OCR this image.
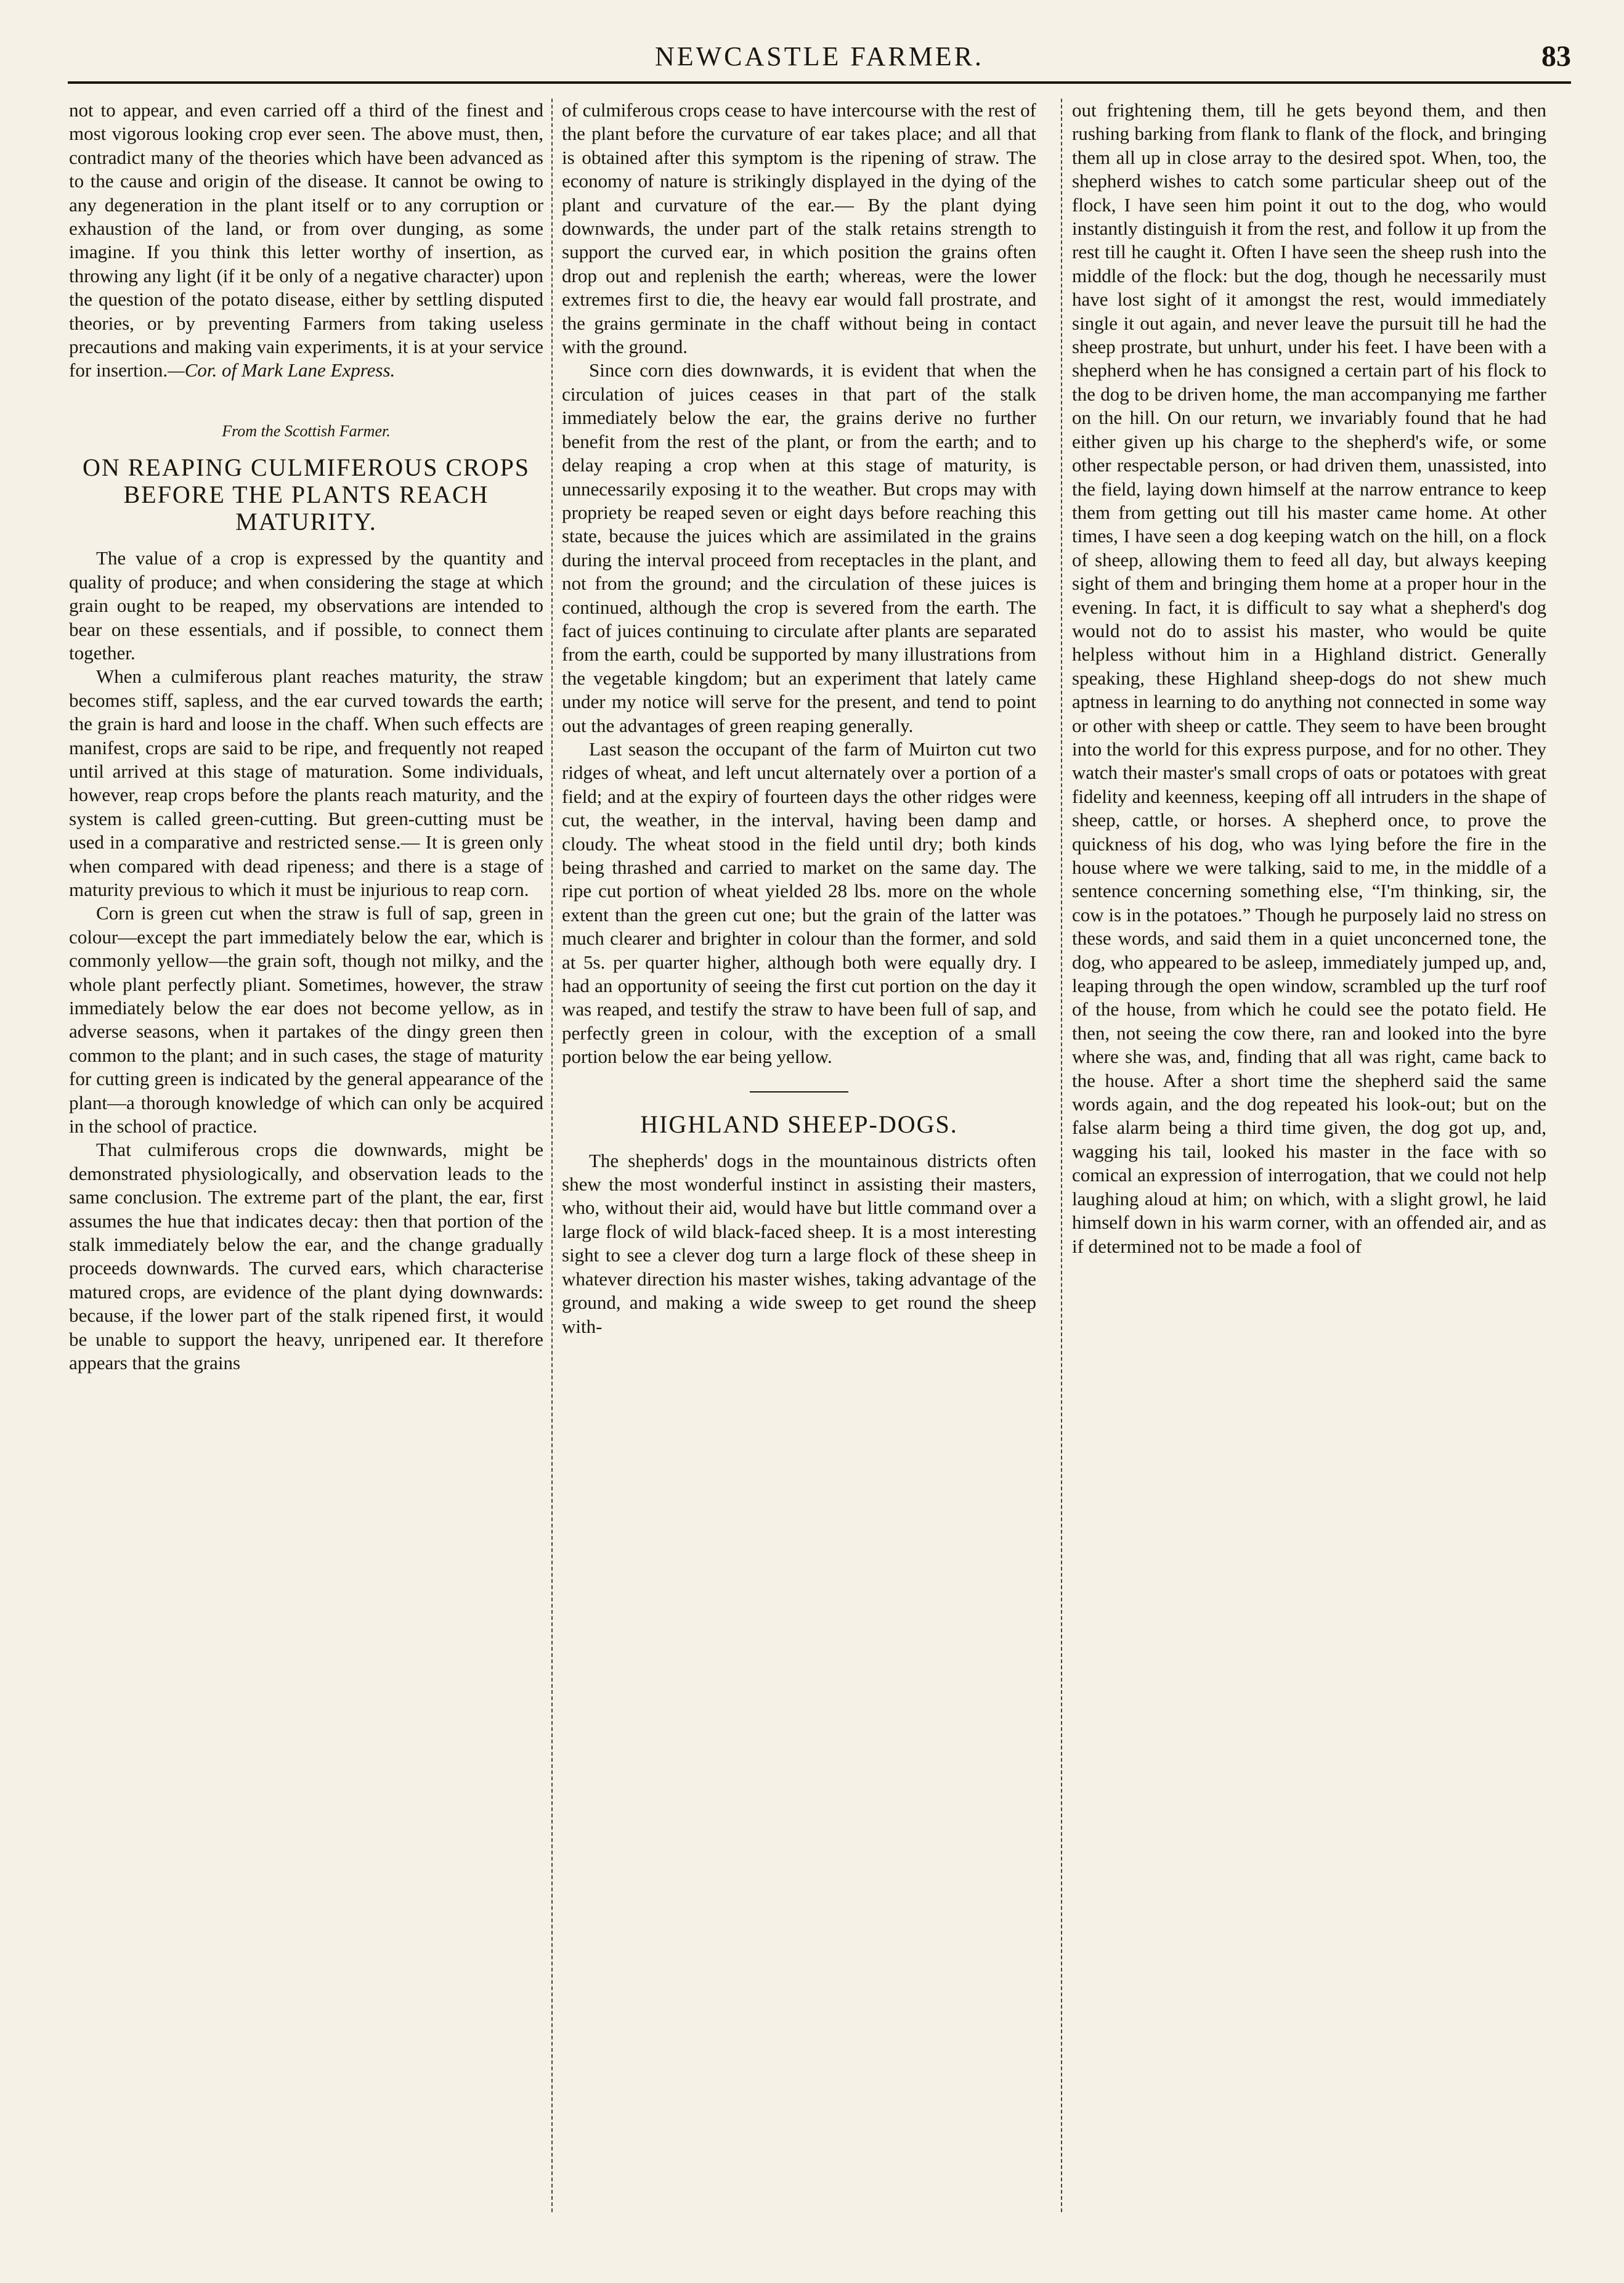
NEWCASTLE FARMER.	83

not to appear, and even carried off a third of the finest and most vigorous looking crop ever seen. The above must, then, contradict many of the theories which have been advanced as to the cause and origin of the disease. It cannot be owing to any degeneration in the plant itself or to any corruption or exhaustion of the land, or from over dunging, as some imagine. If you think this letter worthy of insertion, as throwing any light (if it be only of a negative character) upon the question of the potato disease, either by settling disputed theories, or by preventing Farmers from taking useless precautions and making vain experiments, it is at your service for insertion.—Cor. of Mark Lane Express.

From the Scottish Farmer.
ON REAPING CULMIFEROUS CROPS BEFORE THE PLANTS REACH MATURITY.

The value of a crop is expressed by the quantity and quality of produce; and when considering the stage at which grain ought to be reaped, my observations are intended to bear on these essentials, and if possible, to connect them together.

When a culmiferous plant reaches maturity, the straw becomes stiff, sapless, and the ear curved towards the earth; the grain is hard and loose in the chaff. When such effects are manifest, crops are said to be ripe, and frequently not reaped until arrived at this stage of maturation. Some individuals, however, reap crops before the plants reach maturity, and the system is called green-cutting. But green-cutting must be used in a comparative and restricted sense.— It is green only when compared with dead ripeness; and there is a stage of maturity previous to which it must be injurious to reap corn.

Corn is green cut when the straw is full of sap, green in colour—except the part immediately below the ear, which is commonly yellow—the grain soft, though not milky, and the whole plant perfectly pliant. Sometimes, however, the straw immediately below the ear does not become yellow, as in adverse seasons, when it partakes of the dingy green then common to the plant; and in such cases, the stage of maturity for cutting green is indicated by the general appearance of the plant—a thorough knowledge of which can only be acquired in the school of practice.

That culmiferous crops die downwards, might be demonstrated physiologically, and observation leads to the same conclusion. The extreme part of the plant, the ear, first assumes the hue that indicates decay: then that portion of the stalk immediately below the ear, and the change gradually proceeds downwards. The curved ears, which characterise matured crops, are evidence of the plant dying downwards: because, if the lower part of the stalk ripened first, it would be unable to support the heavy, unripened ear. It therefore appears that the grains

of culmiferous crops cease to have intercourse with the rest of the plant before the curvature of ear takes place; and all that is obtained after this symptom is the ripening of straw. The economy of nature is strikingly displayed in the dying of the plant and curvature of the ear.— By the plant dying downwards, the under part of the stalk retains strength to support the curved ear, in which position the grains often drop out and replenish the earth; whereas, were the lower extremes first to die, the heavy ear would fall prostrate, and the grains germinate in the chaff without being in contact with the ground.

Since corn dies downwards, it is evident that when the circulation of juices ceases in that part of the stalk immediately below the ear, the grains derive no further benefit from the rest of the plant, or from the earth; and to delay reaping a crop when at this stage of maturity, is unnecessarily exposing it to the weather. But crops may with propriety be reaped seven or eight days before reaching this state, because the juices which are assimilated in the grains during the interval proceed from receptacles in the plant, and not from the ground; and the circulation of these juices is continued, although the crop is severed from the earth. The fact of juices continuing to circulate after plants are separated from the earth, could be supported by many illustrations from the vegetable kingdom; but an experiment that lately came under my notice will serve for the present, and tend to point out the advantages of green reaping generally.

Last season the occupant of the farm of Muirton cut two ridges of wheat, and left uncut alternately over a portion of a field; and at the expiry of fourteen days the other ridges were cut, the weather, in the interval, having been damp and cloudy. The wheat stood in the field until dry; both kinds being thrashed and carried to market on the same day. The ripe cut portion of wheat yielded 28 lbs. more on the whole extent than the green cut one; but the grain of the latter was much clearer and brighter in colour than the former, and sold at 5s. per quarter higher, although both were equally dry. I had an opportunity of seeing the first cut portion on the day it was reaped, and testify the straw to have been full of sap, and perfectly green in colour, with the exception of a small portion below the ear being yellow.

HIGHLAND SHEEP-DOGS.

The shepherds' dogs in the mountainous districts often shew the most wonderful instinct in assisting their masters, who, without their aid, would have but little command over a large flock of wild black-faced sheep. It is a most interesting sight to see a clever dog turn a large flock of these sheep in whatever direction his master wishes, taking advantage of the ground, and making a wide sweep to get round the sheep with-

out frightening them, till he gets beyond them, and then rushing barking from flank to flank of the flock, and bringing them all up in close array to the desired spot. When, too, the shepherd wishes to catch some particular sheep out of the flock, I have seen him point it out to the dog, who would instantly distinguish it from the rest, and follow it up from the rest till he caught it. Often I have seen the sheep rush into the middle of the flock: but the dog, though he necessarily must have lost sight of it amongst the rest, would immediately single it out again, and never leave the pursuit till he had the sheep prostrate, but unhurt, under his feet. I have been with a shepherd when he has consigned a certain part of his flock to the dog to be driven home, the man accompanying me farther on the hill. On our return, we invariably found that he had either given up his charge to the shepherd's wife, or some other respectable person, or had driven them, unassisted, into the field, laying down himself at the narrow entrance to keep them from getting out till his master came home. At other times, I have seen a dog keeping watch on the hill, on a flock of sheep, allowing them to feed all day, but always keeping sight of them and bringing them home at a proper hour in the evening. In fact, it is difficult to say what a shepherd's dog would not do to assist his master, who would be quite helpless without him in a Highland district. Generally speaking, these Highland sheep-dogs do not shew much aptness in learning to do anything not connected in some way or other with sheep or cattle. They seem to have been brought into the world for this express purpose, and for no other. They watch their master's small crops of oats or potatoes with great fidelity and keenness, keeping off all intruders in the shape of sheep, cattle, or horses. A shepherd once, to prove the quickness of his dog, who was lying before the fire in the house where we were talking, said to me, in the middle of a sentence concerning something else, “I'm thinking, sir, the cow is in the potatoes.” Though he purposely laid no stress on these words, and said them in a quiet unconcerned tone, the dog, who appeared to be asleep, immediately jumped up, and, leaping through the open window, scrambled up the turf roof of the house, from which he could see the potato field. He then, not seeing the cow there, ran and looked into the byre where she was, and, finding that all was right, came back to the house. After a short time the shepherd said the same words again, and the dog repeated his look-out; but on the false alarm being a third time given, the dog got up, and, wagging his tail, looked his master in the face with so comical an expression of interrogation, that we could not help laughing aloud at him; on which, with a slight growl, he laid himself down in his warm corner, with an offended air, and as if determined not to be made a fool of
